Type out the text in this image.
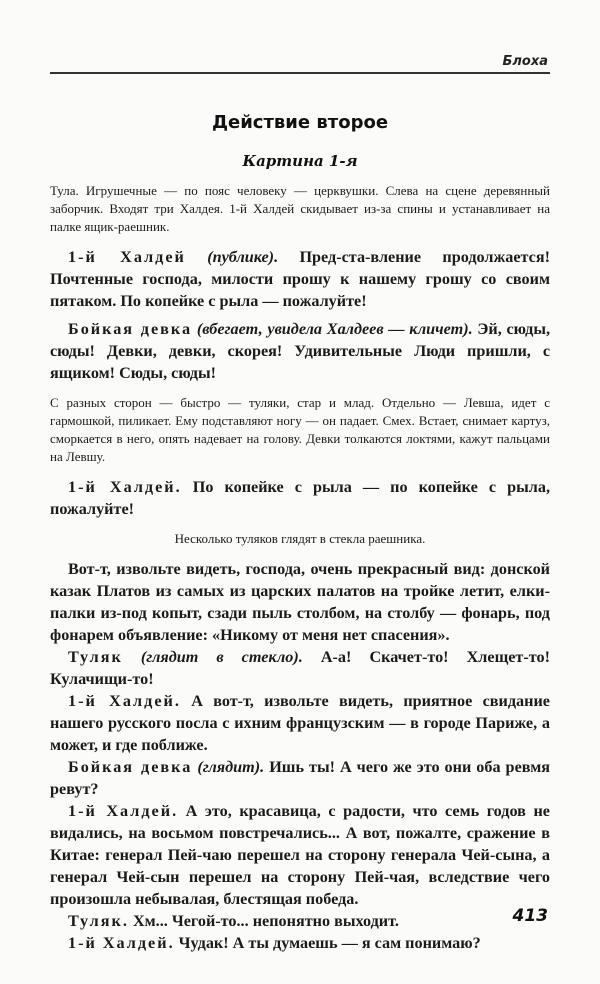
Блоха
Действие второе
Картина 1-я

Тула. Игрушечные — по пояс человеку — церквушки. Слева на сцене деревянный заборчик. Входят три Халдея. 1-й Халдей скидывает из-за спины и устанавливает на палке ящик-раешник.

1-й Халдей (публике). Пред-ста-вление продолжается! Почтенные господа, милости прошу к нашему грошу со своим пятаком. По копейке с рыла — пожалуйте!

Бойкая девка (вбегает, увидела Халдеев — кличет). Эй, сюды, сюды! Девки, девки, скорея! Удивительные Люди пришли, с ящиком! Сюды, сюды!

С разных сторон — быстро — туляки, стар и млад. Отдельно — Левша, идет с гармошкой, пиликает. Ему подставляют ногу — он падает. Смех. Встает, снимает картуз, сморкается в него, опять надевает на голову. Девки толкаются локтями, кажут пальцами на Левшу.

1-й Халдей. По копейке с рыла — по копейке с рыла, пожалуйте!

Несколько туляков глядят в стекла раешника.

Вот-т, извольте видеть, господа, очень прекрасный вид: донской казак Платов из самых из царских палатов на тройке летит, елки-палки из-под копыт, сзади пыль столбом, на столбу — фонарь, под фонарем объявление: «Никому от меня нет спасения».

Туляк (глядит в стекло). А-а! Скачет-то! Хлещет-то! Кулачищи-то!

1-й Халдей. А вот-т, извольте видеть, приятное свидание нашего русского посла с ихним французским — в городе Париже, а может, и где поближе.

Бойкая девка (глядит). Ишь ты! А чего же это они оба ревмя ревут?

1-й Халдей. А это, красавица, с радости, что семь годов не видались, на восьмом повстречались... А вот, пожалте, сражение в Китае: генерал Пей-чаю перешел на сторону генерала Чей-сына, а генерал Чей-сын перешел на сторону Пей-чая, вследствие чего произошла небывалая, блестящая победа.

Туляк. Хм... Чегой-то... непонятно выходит.

1-й Халдей. Чудак! А ты думаешь — я сам понимаю?

413
